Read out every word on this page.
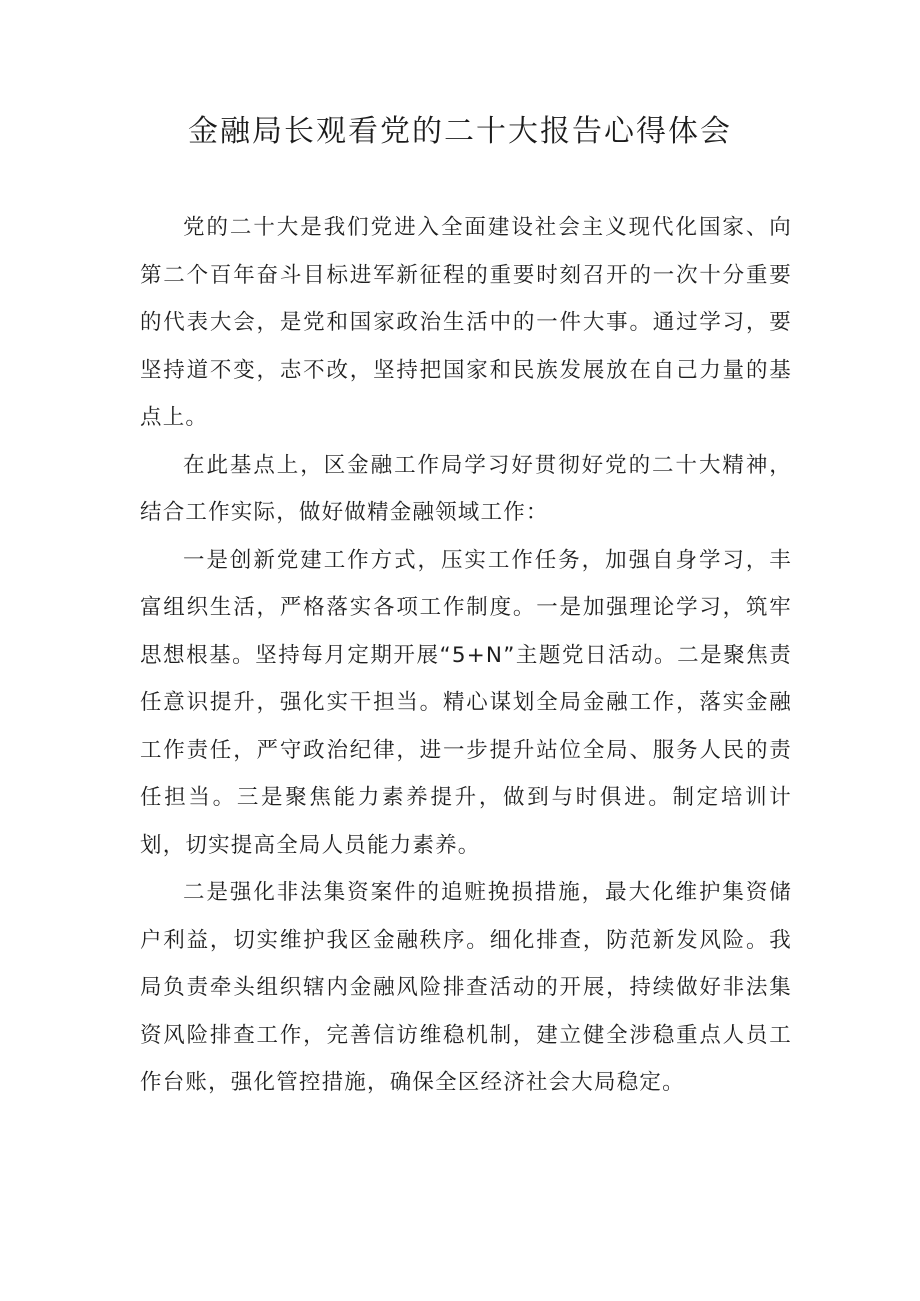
金融局长观看党的二十大报告心得体会

党的二十大是我们党进入全面建设社会主义现代化国家、向第二个百年奋斗目标进军新征程的重要时刻召开的一次十分重要的代表大会，是党和国家政治生活中的一件大事。通过学习，要坚持道不变，志不改，坚持把国家和民族发展放在自己力量的基点上。

在此基点上，区金融工作局学习好贯彻好党的二十大精神，结合工作实际，做好做精金融领域工作：

一是创新党建工作方式，压实工作任务，加强自身学习，丰富组织生活，严格落实各项工作制度。一是加强理论学习，筑牢思想根基。坚持每月定期开展“5+N”主题党日活动。二是聚焦责任意识提升，强化实干担当。精心谋划全局金融工作，落实金融工作责任，严守政治纪律，进一步提升站位全局、服务人民的责任担当。三是聚焦能力素养提升，做到与时俱进。制定培训计划，切实提高全局人员能力素养。

二是强化非法集资案件的追赃挽损措施，最大化维护集资储户利益，切实维护我区金融秩序。细化排查，防范新发风险。我局负责牵头组织辖内金融风险排查活动的开展，持续做好非法集资风险排查工作，完善信访维稳机制，建立健全涉稳重点人员工作台账，强化管控措施，确保全区经济社会大局稳定。
